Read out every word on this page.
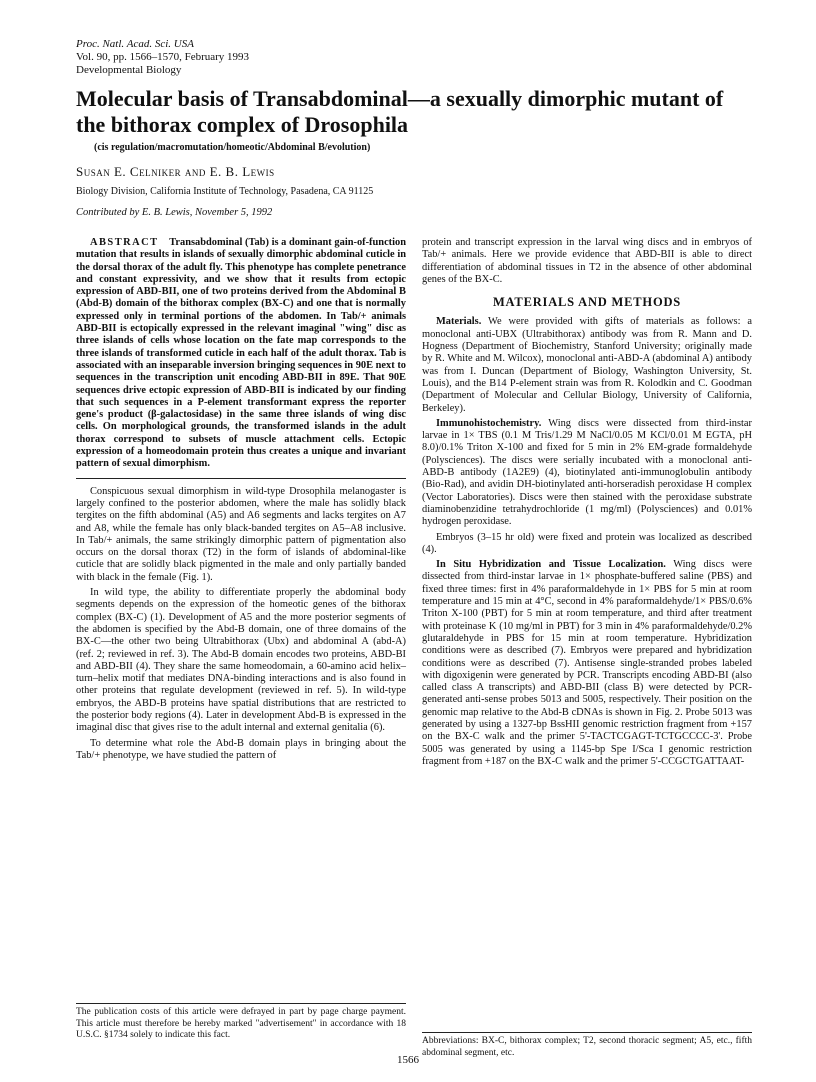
Proc. Natl. Acad. Sci. USA
Vol. 90, pp. 1566–1570, February 1993
Developmental Biology
Molecular basis of Transabdominal—a sexually dimorphic mutant of the bithorax complex of Drosophila
(cis regulation/macromutation/homeotic/Abdominal B/evolution)
Susan E. Celniker and E. B. Lewis
Biology Division, California Institute of Technology, Pasadena, CA 91125
Contributed by E. B. Lewis, November 5, 1992

ABSTRACT Transabdominal (Tab) is a dominant gain-of-function mutation that results in islands of sexually dimorphic abdominal cuticle in the dorsal thorax of the adult fly. This phenotype has complete penetrance and constant expressivity, and we show that it results from ectopic expression of ABD-BII, one of two proteins derived from the Abdominal B (Abd-B) domain of the bithorax complex (BX-C) and one that is normally expressed only in terminal portions of the abdomen. In Tab/+ animals ABD-BII is ectopically expressed in the relevant imaginal "wing" disc as three islands of cells whose location on the fate map corresponds to the three islands of transformed cuticle in each half of the adult thorax. Tab is associated with an inseparable inversion bringing sequences in 90E next to sequences in the transcription unit encoding ABD-BII in 89E. That 90E sequences drive ectopic expression of ABD-BII is indicated by our finding that such sequences in a P-element transformant express the reporter gene's product (β-galactosidase) in the same three islands of wing disc cells. On morphological grounds, the transformed islands in the adult thorax correspond to subsets of muscle attachment cells. Ectopic expression of a homeodomain protein thus creates a unique and invariant pattern of sexual dimorphism.

Conspicuous sexual dimorphism in wild-type Drosophila melanogaster is largely confined to the posterior abdomen, where the male has solidly black tergites on the fifth abdominal (A5) and A6 segments and lacks tergites on A7 and A8, while the female has only black-banded tergites on A5–A8 inclusive. In Tab/+ animals, the same strikingly dimorphic pattern of pigmentation also occurs on the dorsal thorax (T2) in the form of islands of abdominal-like cuticle that are solidly black pigmented in the male and only partially banded with black in the female (Fig. 1).

In wild type, the ability to differentiate properly the abdominal body segments depends on the expression of the homeotic genes of the bithorax complex (BX-C) (1). Development of A5 and the more posterior segments of the abdomen is specified by the Abd-B domain, one of three domains of the BX-C—the other two being Ultrabithorax (Ubx) and abdominal A (abd-A) (ref. 2; reviewed in ref. 3). The Abd-B domain encodes two proteins, ABD-BI and ABD-BII (4). They share the same homeodomain, a 60-amino acid helix–turn–helix motif that mediates DNA-binding interactions and is also found in other proteins that regulate development (reviewed in ref. 5). In wild-type embryos, the ABD-B proteins have spatial distributions that are restricted to the posterior body regions (4). Later in development Abd-B is expressed in the imaginal disc that gives rise to the adult internal and external genitalia (6).

To determine what role the Abd-B domain plays in bringing about the Tab/+ phenotype, we have studied the pattern of

protein and transcript expression in the larval wing discs and in embryos of Tab/+ animals. Here we provide evidence that ABD-BII is able to direct differentiation of abdominal tissues in T2 in the absence of other abdominal genes of the BX-C.

MATERIALS AND METHODS

Materials. We were provided with gifts of materials as follows: a monoclonal anti-UBX (Ultrabithorax) antibody was from R. Mann and D. Hogness (Department of Biochemistry, Stanford University; originally made by R. White and M. Wilcox), monoclonal anti-ABD-A (abdominal A) antibody was from I. Duncan (Department of Biology, Washington University, St. Louis), and the B14 P-element strain was from R. Kolodkin and C. Goodman (Department of Molecular and Cellular Biology, University of California, Berkeley).

Immunohistochemistry. Wing discs were dissected from third-instar larvae in 1× TBS (0.1 M Tris/1.29 M NaCl/0.05 M KCl/0.01 M EGTA, pH 8.0)/0.1% Triton X-100 and fixed for 5 min in 2% EM-grade formaldehyde (Polysciences). The discs were serially incubated with a monoclonal anti-ABD-B antibody (1A2E9) (4), biotinylated anti-immunoglobulin antibody (Bio-Rad), and avidin DH-biotinylated anti-horseradish peroxidase H complex (Vector Laboratories). Discs were then stained with the peroxidase substrate diaminobenzidine tetrahydrochloride (1 mg/ml) (Polysciences) and 0.01% hydrogen peroxidase.

Embryos (3–15 hr old) were fixed and protein was localized as described (4).

In Situ Hybridization and Tissue Localization. Wing discs were dissected from third-instar larvae in 1× phosphate-buffered saline (PBS) and fixed three times: first in 4% paraformaldehyde in 1× PBS for 5 min at room temperature and 15 min at 4°C, second in 4% paraformaldehyde/1× PBS/0.6% Triton X-100 (PBT) for 5 min at room temperature, and third after treatment with proteinase K (10 mg/ml in PBT) for 3 min in 4% paraformaldehyde/0.2% glutaraldehyde in PBS for 15 min at room temperature. Hybridization conditions were as described (7). Embryos were prepared and hybridization conditions were as described (7). Antisense single-stranded probes labeled with digoxigenin were generated by PCR. Transcripts encoding ABD-BI (also called class A transcripts) and ABD-BII (class B) were detected by PCR-generated anti-sense probes 5013 and 5005, respectively. Their position on the genomic map relative to the Abd-B cDNAs is shown in Fig. 2. Probe 5013 was generated by using a 1327-bp BssHII genomic restriction fragment from +157 on the BX-C walk and the primer 5'-TACTCGAGT-TCTGCCCC-3'. Probe 5005 was generated by using a 1145-bp Spe I/Sca I genomic restriction fragment from +187 on the BX-C walk and the primer 5'-CCGCTGATTAAT-

The publication costs of this article were defrayed in part by page charge payment. This article must therefore be hereby marked "advertisement" in accordance with 18 U.S.C. §1734 solely to indicate this fact.
Abbreviations: BX-C, bithorax complex; T2, second thoracic segment; A5, etc., fifth abdominal segment, etc.
1566
